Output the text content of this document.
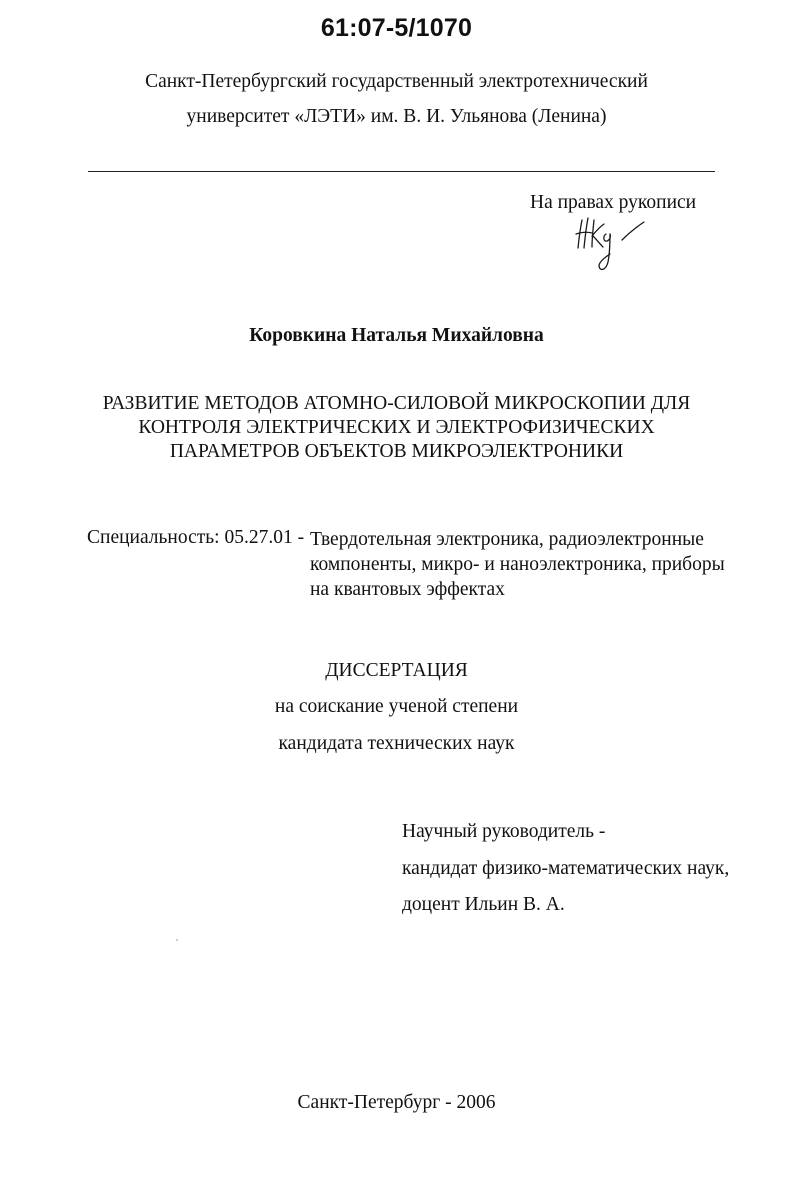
61:07-5/1070
Санкт-Петербургский государственный электротехнический
университет «ЛЭТИ» им. В. И. Ульянова (Ленина)
На правах рукописи
Коровкина Наталья Михайловна
РАЗВИТИЕ МЕТОДОВ АТОМНО-СИЛОВОЙ МИКРОСКОПИИ ДЛЯ
КОНТРОЛЯ ЭЛЕКТРИЧЕСКИХ И ЭЛЕКТРОФИЗИЧЕСКИХ
ПАРАМЕТРОВ ОБЪЕКТОВ МИКРОЭЛЕКТРОНИКИ
Специальность: 05.27.01 - Твердотельная электроника, радиоэлектронные
компоненты, микро- и наноэлектроника, приборы
на квантовых эффектах
ДИССЕРТАЦИЯ
на соискание ученой степени
кандидата технических наук
Научный руководитель -
кандидат физико-математических наук,
доцент Ильин В. А.
Санкт-Петербург - 2006
